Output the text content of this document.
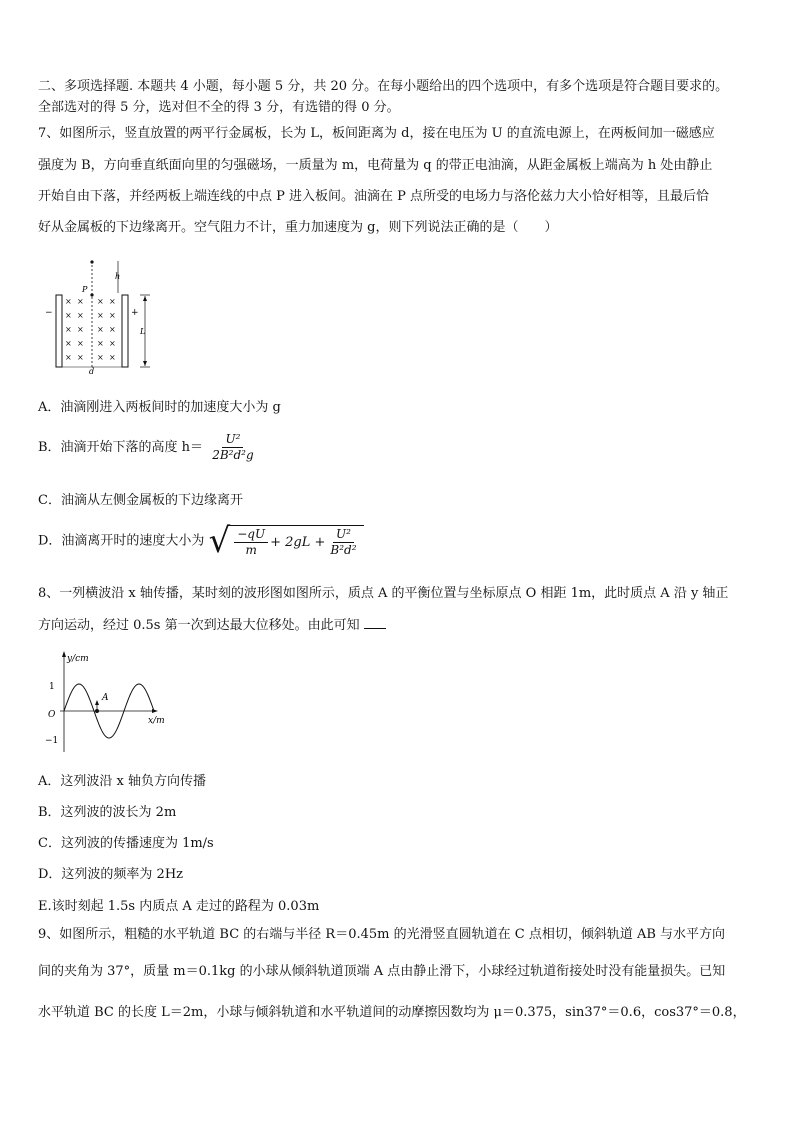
二、多项选择题. 本题共 4 小题，每小题 5 分，共 20 分。在每小题给出的四个选项中，有多个选项是符合题目要求的。
全部选对的得 5 分，选对但不全的得 3 分，有选错的得 0 分。
7、如图所示，竖直放置的两平行金属板，长为 L，板间距离为 d，接在电压为 U 的直流电源上，在两板间加一磁感应
强度为 B，方向垂直纸面向里的匀强磁场，一质量为 m，电荷量为 q 的带正电油滴，从距金属板上端高为 h 处由静止
开始自由下落，并经两板上端连线的中点 P 进入板间。油滴在 P 点所受的电场力与洛伦兹力大小恰好相等，且最后恰
好从金属板的下边缘离开。空气阻力不计，重力加速度为 g，则下列说法正确的是（　　）
h
P
−	+
× × × ×
× × × ×
× × × ×
× × × ×
× × × ×
L
d
A．油滴刚进入两板间时的加速度大小为 g
B．油滴开始下落的高度 $h= \frac{\text{U²}}{\text{2B²d²g}}$
C．油滴从左侧金属板的下边缘离开
D．油滴离开时的速度大小为 √ $\frac{-qU}{m} + 2gL + \frac{\text{U²}}{\text{B²d²}}$
8、一列横波沿 x 轴传播，某时刻的波形图如图所示，质点 A 的平衡位置与坐标原点 O 相距 1m，此时质点 A 沿 y 轴正
方向运动，经过 0.5s 第一次到达最大位移处。由此可知
y/cm
x/m
1
−1
O
A
A．这列波沿 x 轴负方向传播
B．这列波的波长为 2m
C．这列波的传播速度为 1m/s
D．这列波的频率为 2Hz
E.该时刻起 1.5s 内质点 A 走过的路程为 0.03m
9、如图所示，粗糙的水平轨道 BC 的右端与半径 R＝0.45m 的光滑竖直圆轨道在 C 点相切，倾斜轨道 AB 与水平方向
间的夹角为 37°，质量 m＝0.1kg 的小球从倾斜轨道顶端 A 点由静止滑下，小球经过轨道衔接处时没有能量损失。已知
水平轨道 BC 的长度 L＝2m，小球与倾斜轨道和水平轨道间的动摩擦因数均为 μ＝0.375，sin37°＝0.6，cos37°＝0.8，
